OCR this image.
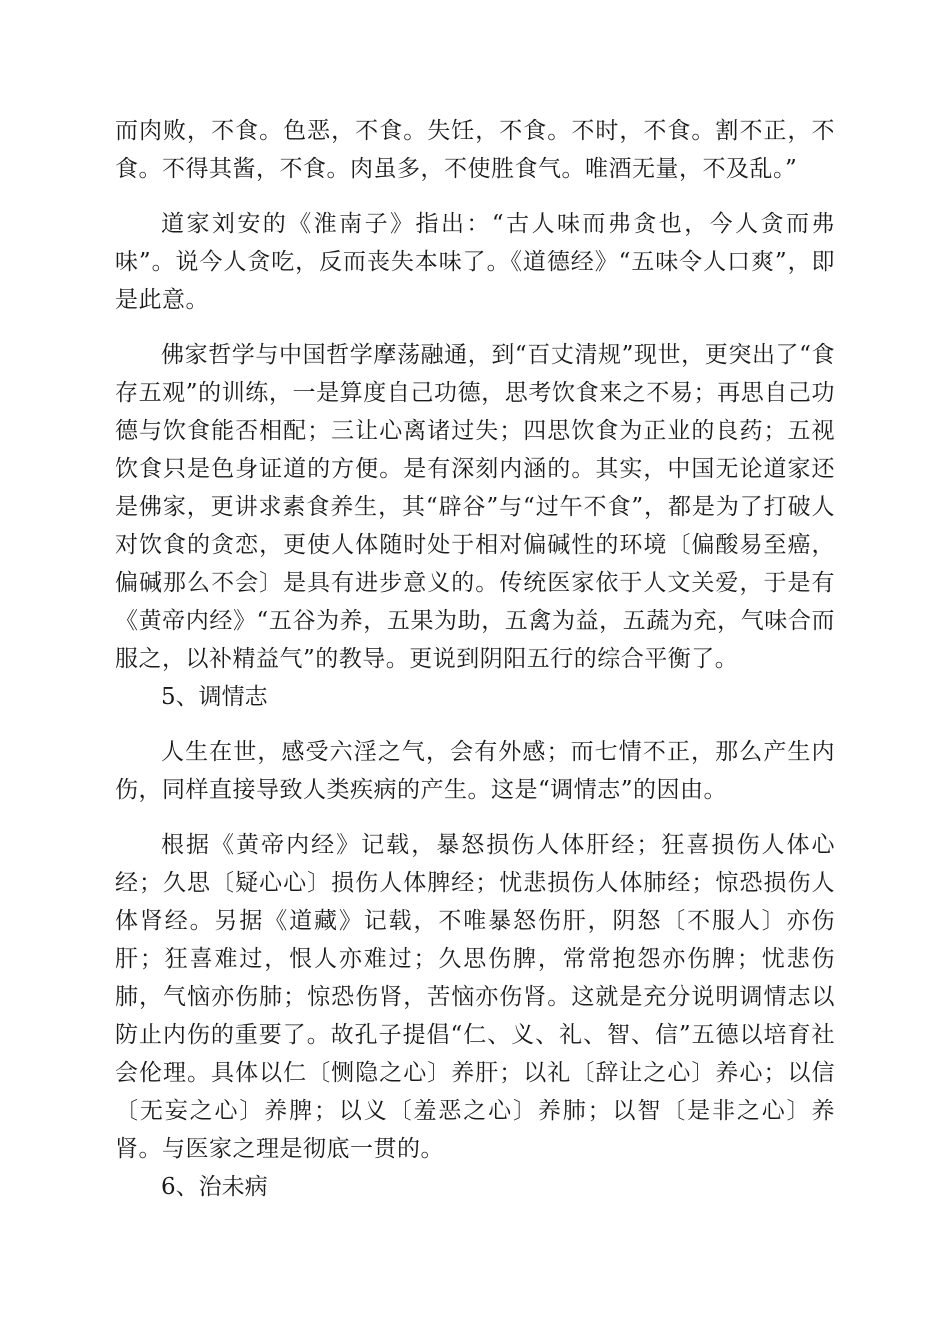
而肉败，不食。色恶，不食。失饪，不食。不时，不食。割不正，不食。不得其酱，不食。肉虽多，不使胜食气。唯酒无量，不及乱。”

道家刘安的《淮南子》指出：“古人味而弗贪也，今人贪而弗味”。说今人贪吃，反而丧失本味了。《道德经》“五味令人口爽”，即是此意。

佛家哲学与中国哲学摩荡融通，到“百丈清规”现世，更突出了“食存五观”的训练，一是算度自己功德，思考饮食来之不易；再思自己功德与饮食能否相配；三让心离诸过失；四思饮食为正业的良药；五视饮食只是色身证道的方便。是有深刻内涵的。其实，中国无论道家还是佛家，更讲求素食养生，其“辟谷”与“过午不食”，都是为了打破人对饮食的贪恋，更使人体随时处于相对偏碱性的环境〔偏酸易至癌，偏碱那么不会〕是具有进步意义的。传统医家依于人文关爱，于是有《黄帝内经》“五谷为养，五果为助，五禽为益，五蔬为充，气味合而服之，以补精益气”的教导。更说到阴阳五行的综合平衡了。

5、调情志

人生在世，感受六淫之气，会有外感；而七情不正，那么产生内伤，同样直接导致人类疾病的产生。这是“调情志”的因由。

根据《黄帝内经》记载，暴怒损伤人体肝经；狂喜损伤人体心经；久思〔疑心心〕损伤人体脾经；忧悲损伤人体肺经；惊恐损伤人体肾经。另据《道藏》记载，不唯暴怒伤肝，阴怒〔不服人〕亦伤肝；狂喜难过，恨人亦难过；久思伤脾，常常抱怨亦伤脾；忧悲伤肺，气恼亦伤肺；惊恐伤肾，苦恼亦伤肾。这就是充分说明调情志以防止内伤的重要了。故孔子提倡“仁、义、礼、智、信”五德以培育社会伦理。具体以仁〔恻隐之心〕养肝；以礼〔辞让之心〕养心；以信〔无妄之心〕养脾；以义〔羞恶之心〕养肺；以智〔是非之心〕养肾。与医家之理是彻底一贯的。

6、治未病
